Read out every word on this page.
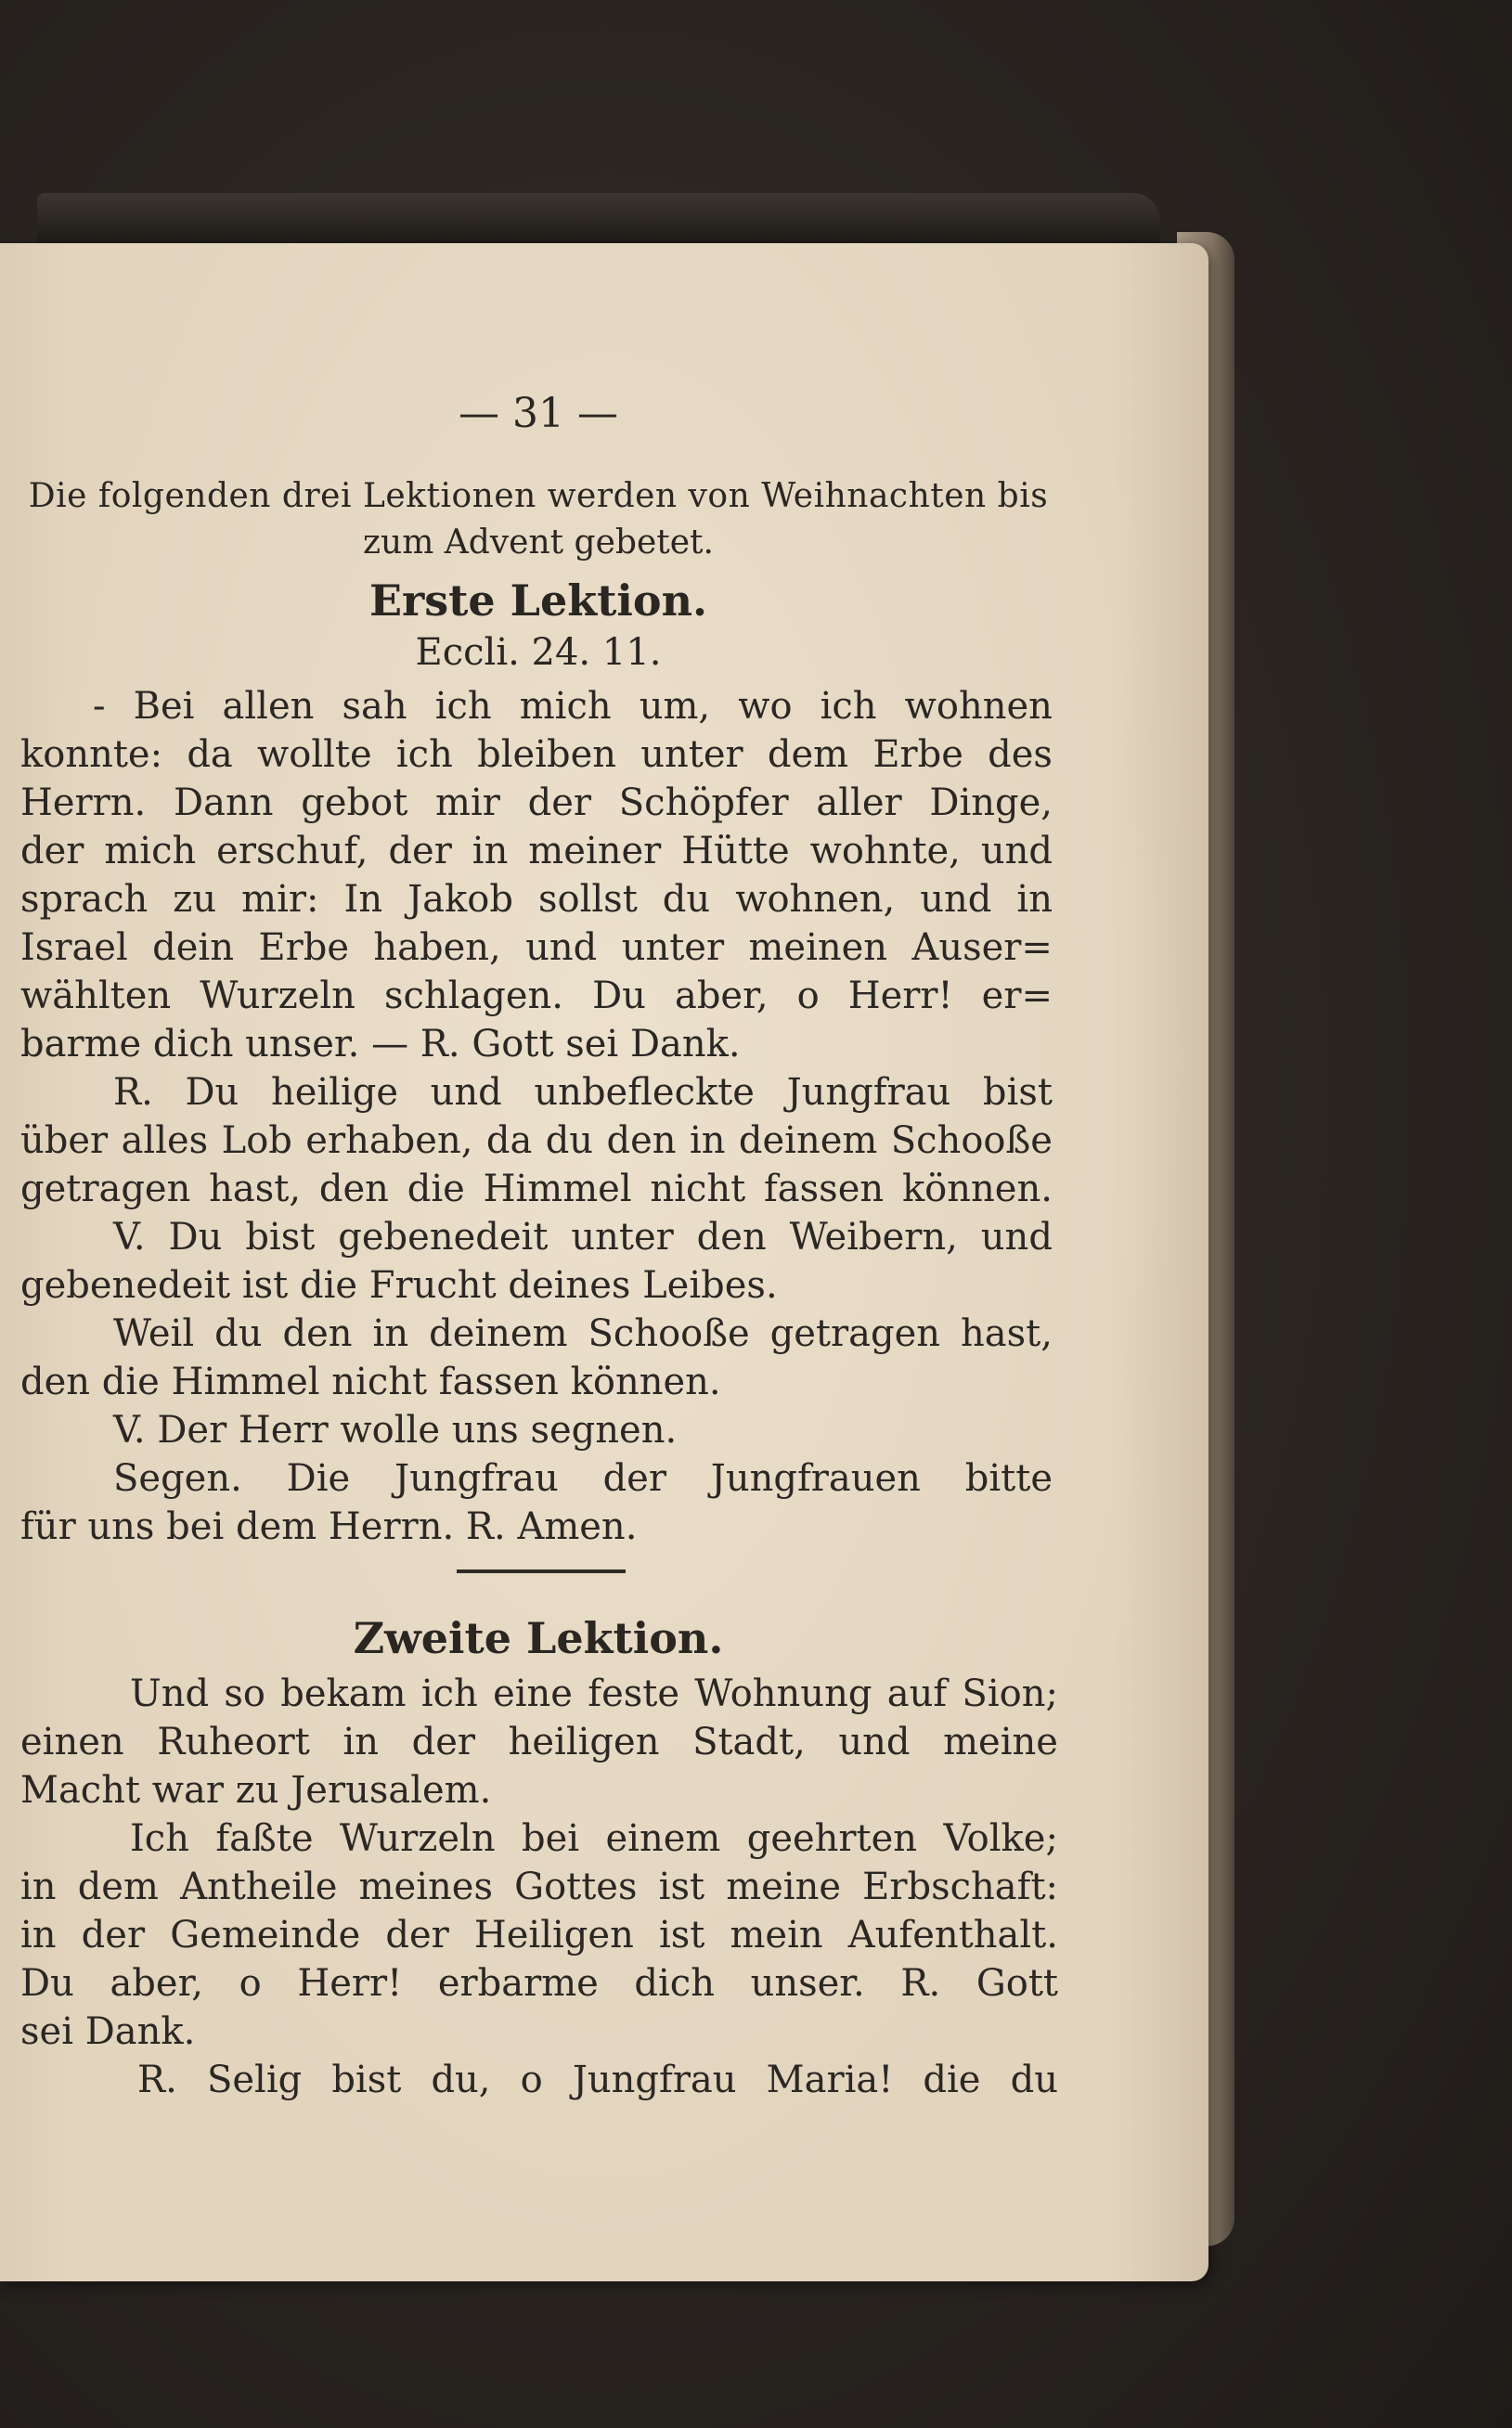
— 31 —
Die folgenden drei Lektionen werden von Weihnachten bis
zum Advent gebetet.
Erste Lektion.
Eccli. 24. 11.
- Bei allen sah ich mich um, wo ich wohnen
konnte: da wollte ich bleiben unter dem Erbe des
Herrn. Dann gebot mir der Schöpfer aller Dinge,
der mich erschuf, der in meiner Hütte wohnte, und
sprach zu mir: In Jakob sollst du wohnen, und in
Israel dein Erbe haben, und unter meinen Auser=
wählten Wurzeln schlagen. Du aber, o Herr! er=
barme dich unser. — R. Gott sei Dank.
R. Du heilige und unbefleckte Jungfrau bist
über alles Lob erhaben, da du den in deinem Schooße
getragen hast, den die Himmel nicht fassen können.
V. Du bist gebenedeit unter den Weibern, und
gebenedeit ist die Frucht deines Leibes.
Weil du den in deinem Schooße getragen hast,
den die Himmel nicht fassen können.
V. Der Herr wolle uns segnen.
Segen. Die Jungfrau der Jungfrauen bitte
für uns bei dem Herrn. R. Amen.
Zweite Lektion.
Und so bekam ich eine feste Wohnung auf Sion;
einen Ruheort in der heiligen Stadt, und meine
Macht war zu Jerusalem.
Ich faßte Wurzeln bei einem geehrten Volke;
in dem Antheile meines Gottes ist meine Erbschaft:
in der Gemeinde der Heiligen ist mein Aufenthalt.
Du aber, o Herr! erbarme dich unser. R. Gott
sei Dank.
R. Selig bist du, o Jungfrau Maria! die du
